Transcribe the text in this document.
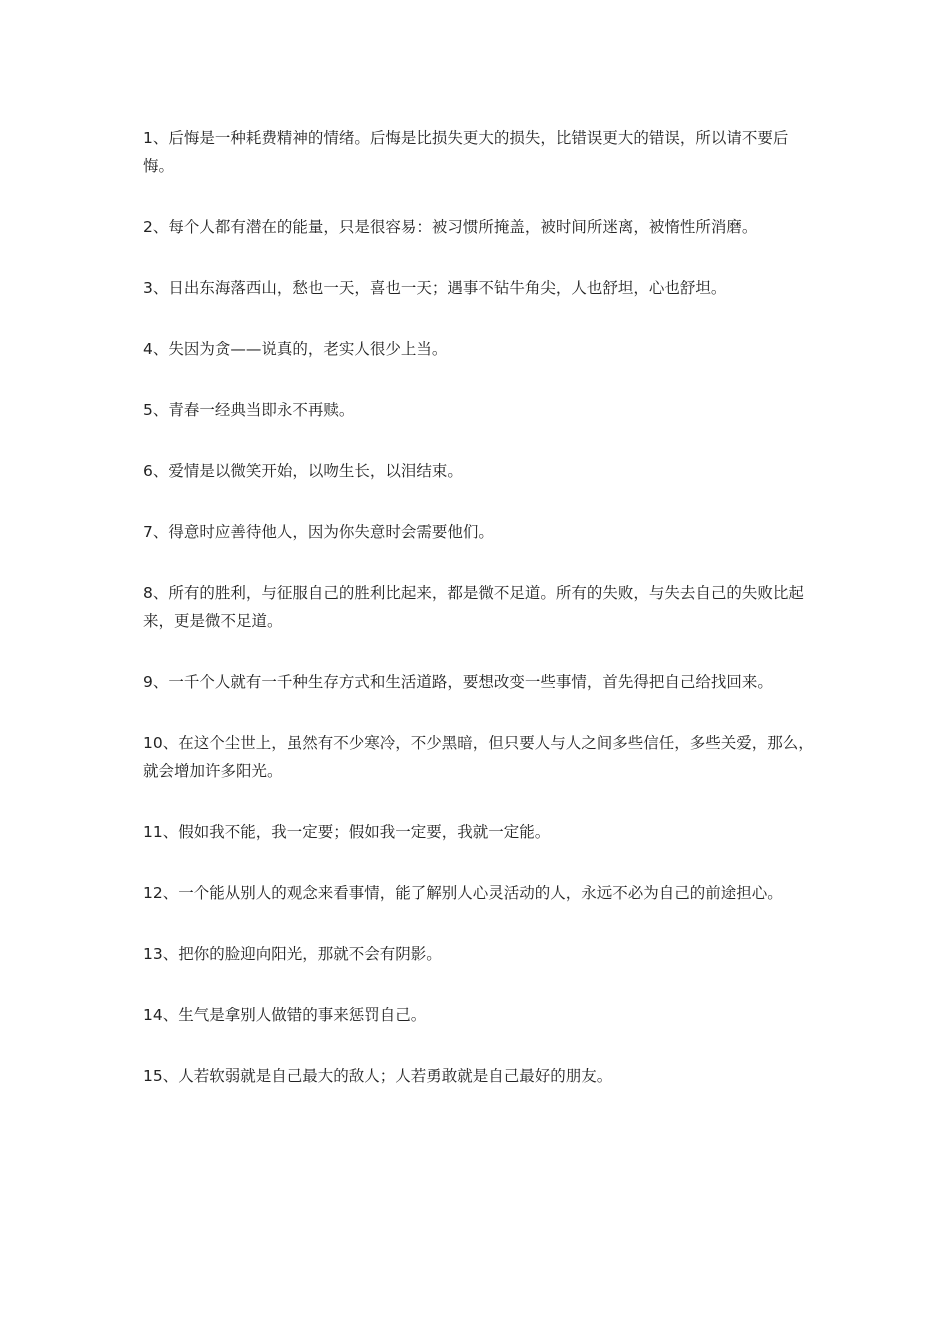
1、后悔是一种耗费精神的情绪。后悔是比损失更大的损失，比错误更大的错误，所以请不要后悔。

2、每个人都有潜在的能量，只是很容易：被习惯所掩盖，被时间所迷离，被惰性所消磨。

3、日出东海落西山，愁也一天，喜也一天；遇事不钻牛角尖，人也舒坦，心也舒坦。

4、失因为贪——说真的，老实人很少上当。

5、青春一经典当即永不再赎。

6、爱情是以微笑开始，以吻生长，以泪结束。

7、得意时应善待他人，因为你失意时会需要他们。

8、所有的胜利，与征服自己的胜利比起来，都是微不足道。所有的失败，与失去自己的失败比起来，更是微不足道。

9、一千个人就有一千种生存方式和生活道路，要想改变一些事情，首先得把自己给找回来。

10、在这个尘世上，虽然有不少寒冷，不少黑暗，但只要人与人之间多些信任，多些关爱，那么，就会增加许多阳光。

11、假如我不能，我一定要；假如我一定要，我就一定能。

12、一个能从别人的观念来看事情，能了解别人心灵活动的人，永远不必为自己的前途担心。

13、把你的脸迎向阳光，那就不会有阴影。

14、生气是拿别人做错的事来惩罚自己。

15、人若软弱就是自己最大的敌人；人若勇敢就是自己最好的朋友。
